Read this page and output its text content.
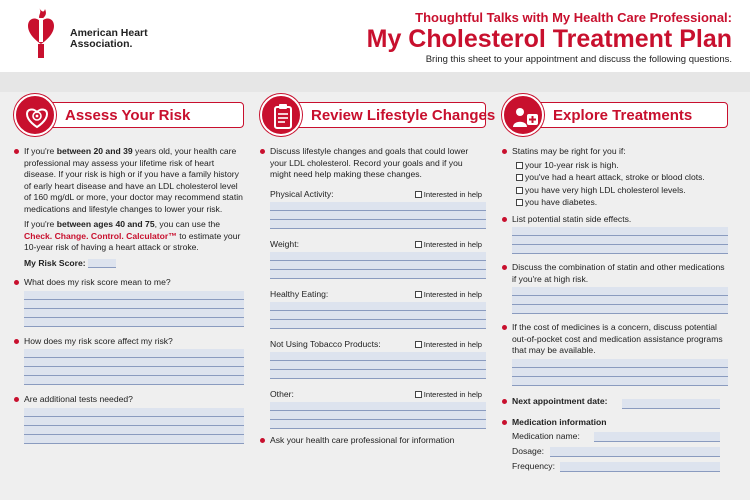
American Heart Association.
Thoughtful Talks with My Health Care Professional:
My Cholesterol Treatment Plan
Bring this sheet to your appointment and discuss the following questions.
Assess Your Risk
If you're between 20 and 39 years old, your health care professional may assess your lifetime risk of heart disease. If your risk is high or if you have a family history of early heart disease and have an LDL cholesterol level of 160 mg/dL or more, your doctor may recommend statin medications and lifestyle changes to lower your risk.
If you're between ages 40 and 75, you can use the Check. Change. Control. Calculator™ to estimate your 10-year risk of having a heart attack or stroke.
My Risk Score:
What does my risk score mean to me?
How does my risk score affect my risk?
Are additional tests needed?
Review Lifestyle Changes
Discuss lifestyle changes and goals that could lower your LDL cholesterol. Record your goals and if you might need help making these changes.
Physical Activity:	Interested in help
Weight:	Interested in help
Healthy Eating:	Interested in help
Not Using Tobacco Products:	Interested in help
Other:	Interested in help
Ask your health care professional for information
Explore Treatments
Statins may be right for you if:
your 10-year risk is high.
you've had a heart attack, stroke or blood clots.
you have very high LDL cholesterol levels.
you have diabetes.
List potential statin side effects.
Discuss the combination of statin and other medications if you're at high risk.
If the cost of medicines is a concern, discuss potential out-of-pocket cost and medication assistance programs that may be available.
Next appointment date:
Medication information
Medication name:
Dosage:
Frequency:
